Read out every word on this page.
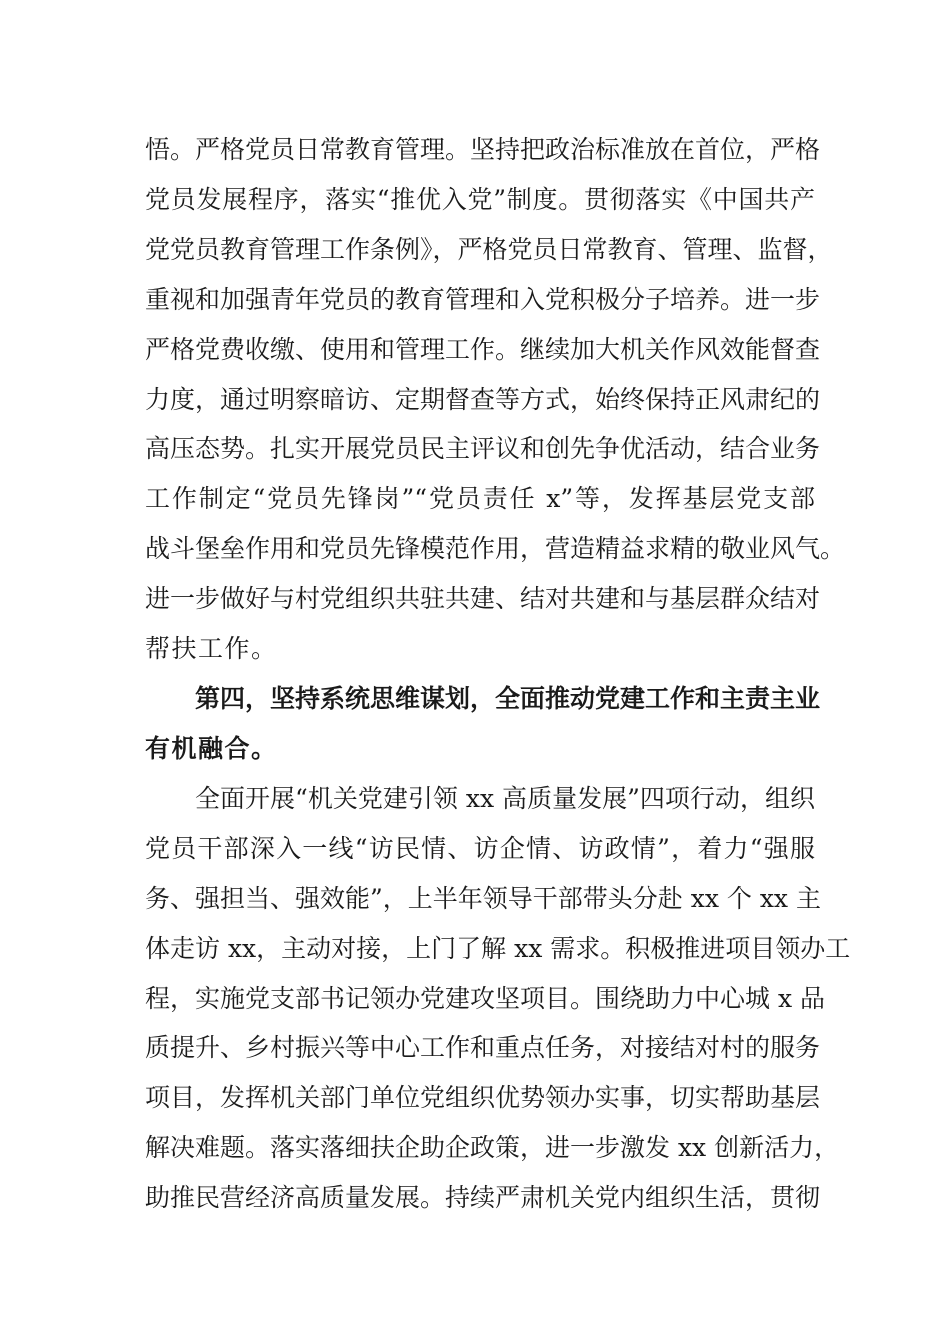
悟。严格党员日常教育管理。坚持把政治标准放在首位，严格
党员发展程序，落实“推优入党”制度。贯彻落实《中国共产
党党员教育管理工作条例》，严格党员日常教育、管理、监督，
重视和加强青年党员的教育管理和入党积极分子培养。进一步
严格党费收缴、使用和管理工作。继续加大机关作风效能督查
力度，通过明察暗访、定期督查等方式，始终保持正风肃纪的
高压态势。扎实开展党员民主评议和创先争优活动，结合业务
工作制定“党员先锋岗”“党员责任 x”等，发挥基层党支部
战斗堡垒作用和党员先锋模范作用，营造精益求精的敬业风气。
进一步做好与村党组织共驻共建、结对共建和与基层群众结对
帮扶工作。
第四，坚持系统思维谋划，全面推动党建工作和主责主业
有机融合。
全面开展“机关党建引领 xx 高质量发展”四项行动，组织
党员干部深入一线“访民情、访企情、访政情”，着力“强服
务、强担当、强效能”，上半年领导干部带头分赴 xx 个 xx 主
体走访 xx，主动对接，上门了解 xx 需求。积极推进项目领办工
程，实施党支部书记领办党建攻坚项目。围绕助力中心城 x 品
质提升、乡村振兴等中心工作和重点任务，对接结对村的服务
项目，发挥机关部门单位党组织优势领办实事，切实帮助基层
解决难题。落实落细扶企助企政策，进一步激发 xx 创新活力，
助推民营经济高质量发展。持续严肃机关党内组织生活，贯彻
